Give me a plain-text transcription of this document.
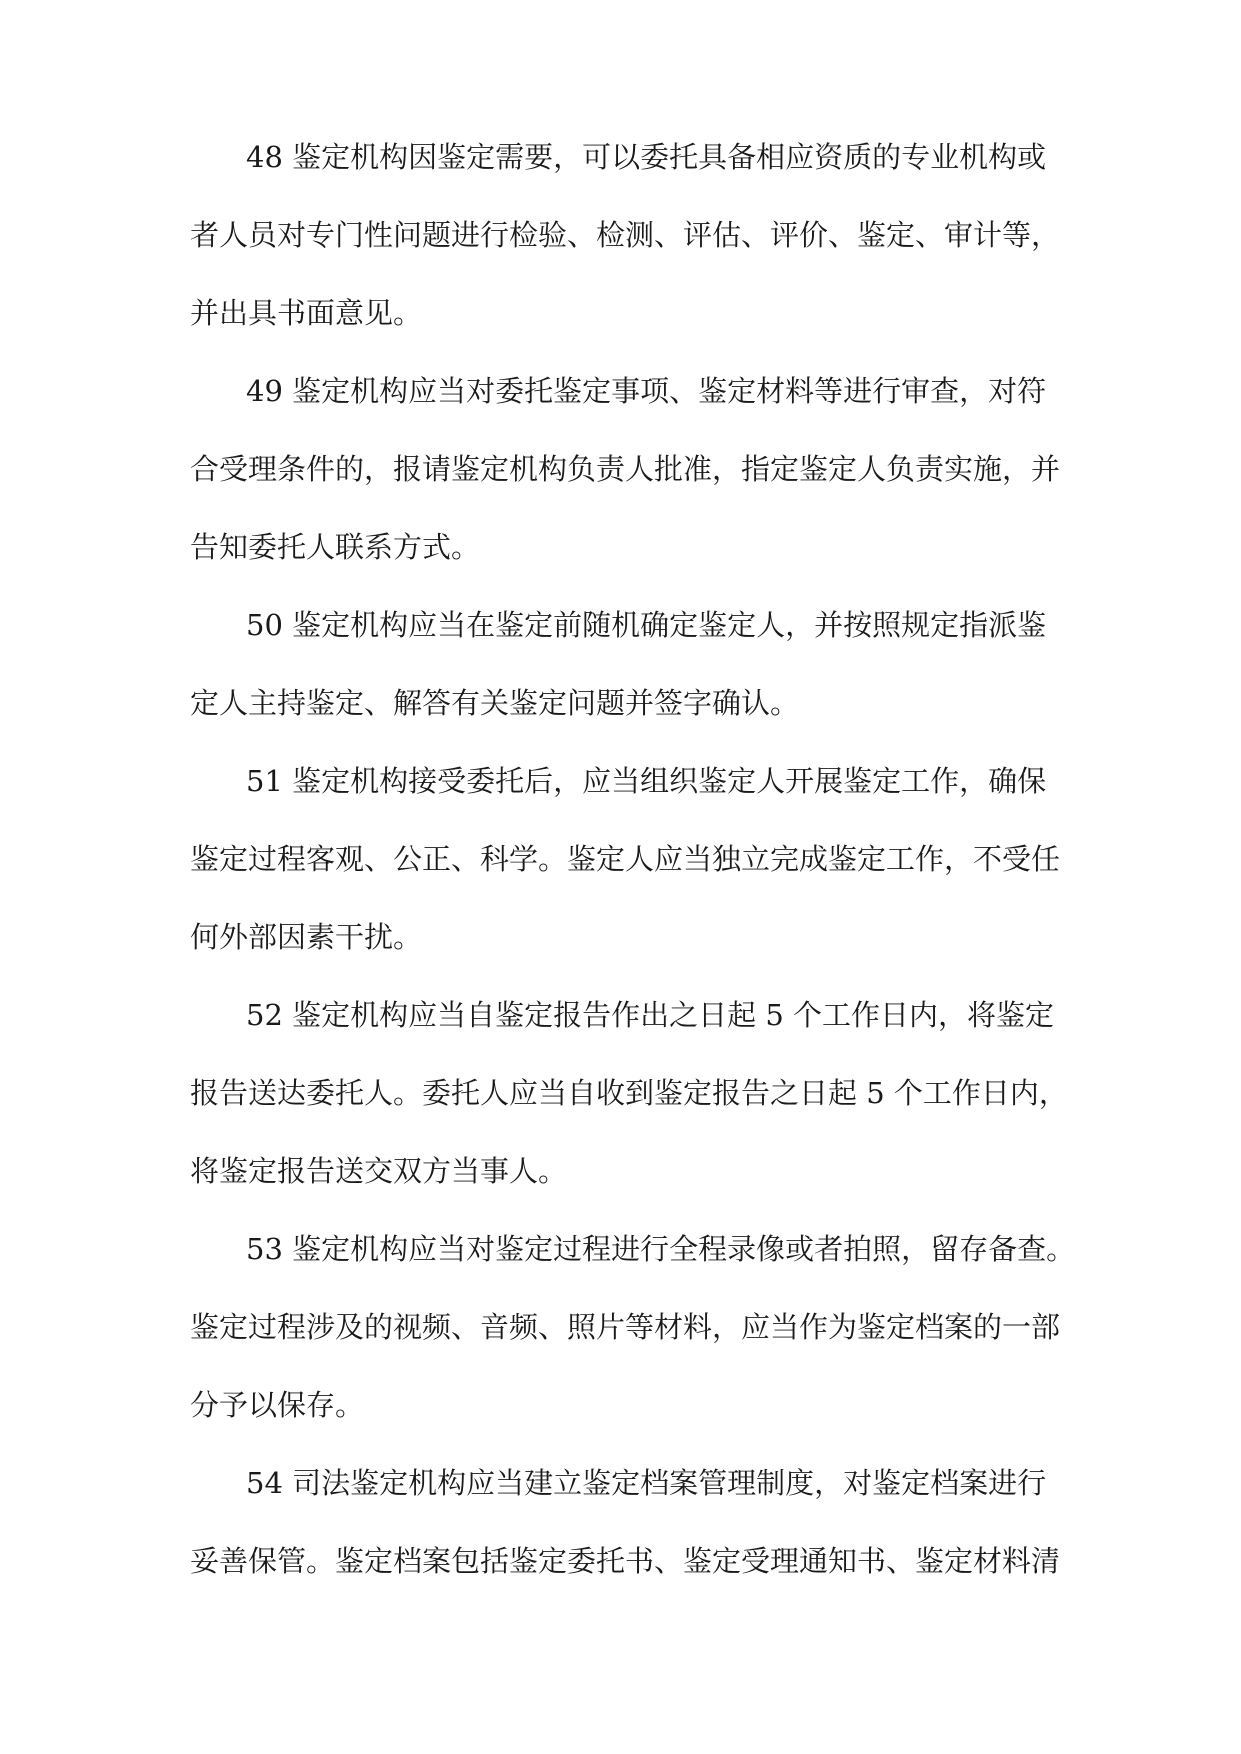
48 鉴定机构因鉴定需要，可以委托具备相应资质的专业机构或
者人员对专门性问题进行检验、检测、评估、评价、鉴定、审计等，
并出具书面意见。
49 鉴定机构应当对委托鉴定事项、鉴定材料等进行审查，对符
合受理条件的，报请鉴定机构负责人批准，指定鉴定人负责实施，并
告知委托人联系方式。
50 鉴定机构应当在鉴定前随机确定鉴定人，并按照规定指派鉴
定人主持鉴定、解答有关鉴定问题并签字确认。
51 鉴定机构接受委托后，应当组织鉴定人开展鉴定工作，确保
鉴定过程客观、公正、科学。鉴定人应当独立完成鉴定工作，不受任
何外部因素干扰。
52 鉴定机构应当自鉴定报告作出之日起 5 个工作日内，将鉴定
报告送达委托人。委托人应当自收到鉴定报告之日起 5 个工作日内，
将鉴定报告送交双方当事人。
53 鉴定机构应当对鉴定过程进行全程录像或者拍照，留存备查。
鉴定过程涉及的视频、音频、照片等材料，应当作为鉴定档案的一部
分予以保存。
54 司法鉴定机构应当建立鉴定档案管理制度，对鉴定档案进行
妥善保管。鉴定档案包括鉴定委托书、鉴定受理通知书、鉴定材料清
